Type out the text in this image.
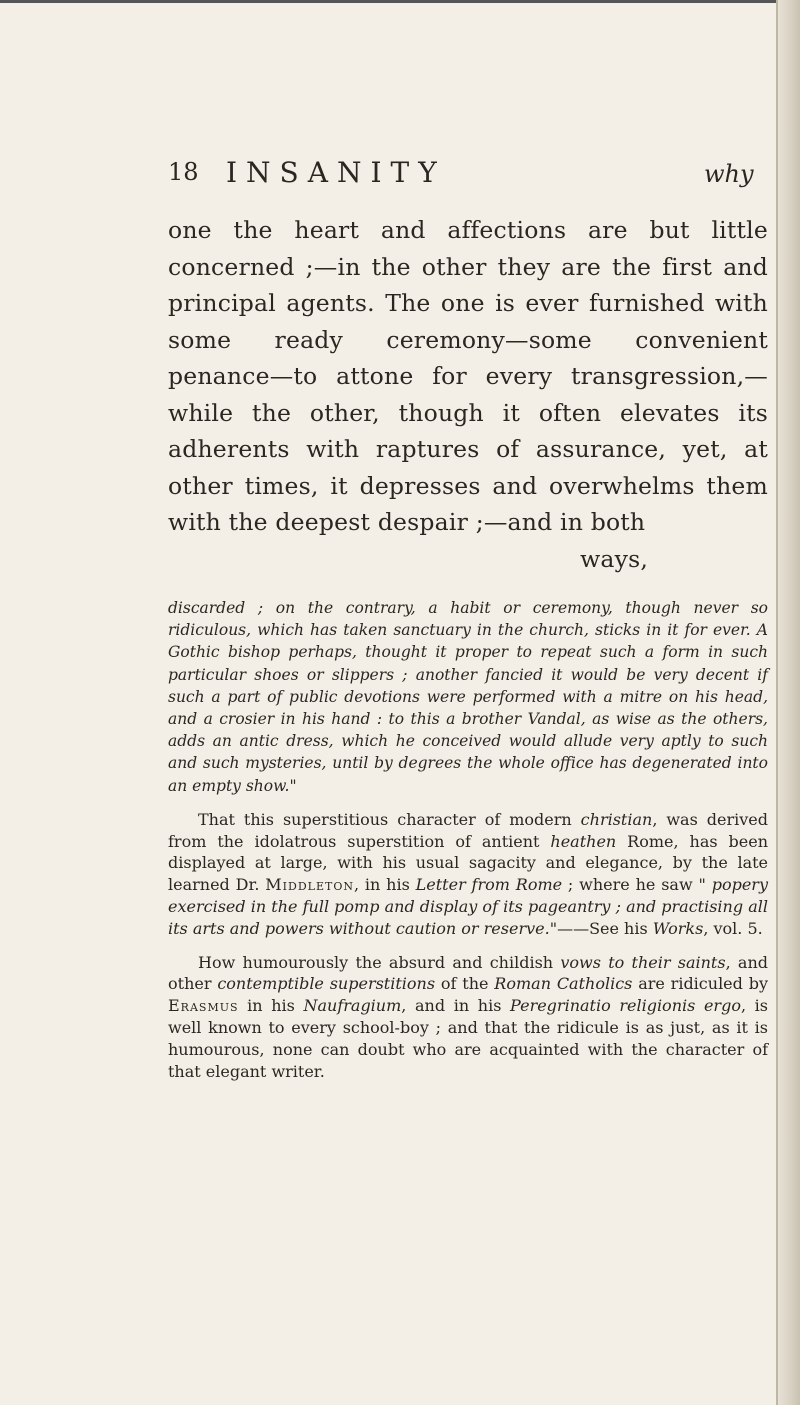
18 INSANITY	why
one the heart and affections are but little concerned ;—in the other they are the first and principal agents. The one is ever furnished with some ready ceremony—some convenient penance—to attone for every transgression,—while the other, though it often elevates its adherents with raptures of assurance, yet, at other times, it depresses and overwhelms them with the deepest despair ;—and in both
ways,
discarded ; on the contrary, a habit or ceremony, though never so ridiculous, which has taken sanctuary in the church, sticks in it for ever. A Gothic bishop perhaps, thought it proper to repeat such a form in such particular shoes or slippers ; another fancied it would be very decent if such a part of public devotions were performed with a mitre on his head, and a crosier in his hand : to this a brother Vandal, as wise as the others, adds an antic dress, which he conceived would allude very aptly to such and such mysteries, until by degrees the whole office has degenerated into an empty show."
That this superstitious character of modern christian, was derived from the idolatrous superstition of antient heathen Rome, has been displayed at large, with his usual sagacity and elegance, by the late learned Dr. Middleton, in his Letter from Rome ; where he saw " popery exercised in the full pomp and display of its pageantry ; and practising all its arts and powers without caution or reserve."——See his Works, vol. 5.
How humourously the absurd and childish vows to their saints, and other contemptible superstitions of the Roman Catholics are ridiculed by Erasmus in his Naufragium, and in his Peregrinatio religionis ergo, is well known to every school-boy ; and that the ridicule is as just, as it is humourous, none can doubt who are acquainted with the character of that elegant writer.
